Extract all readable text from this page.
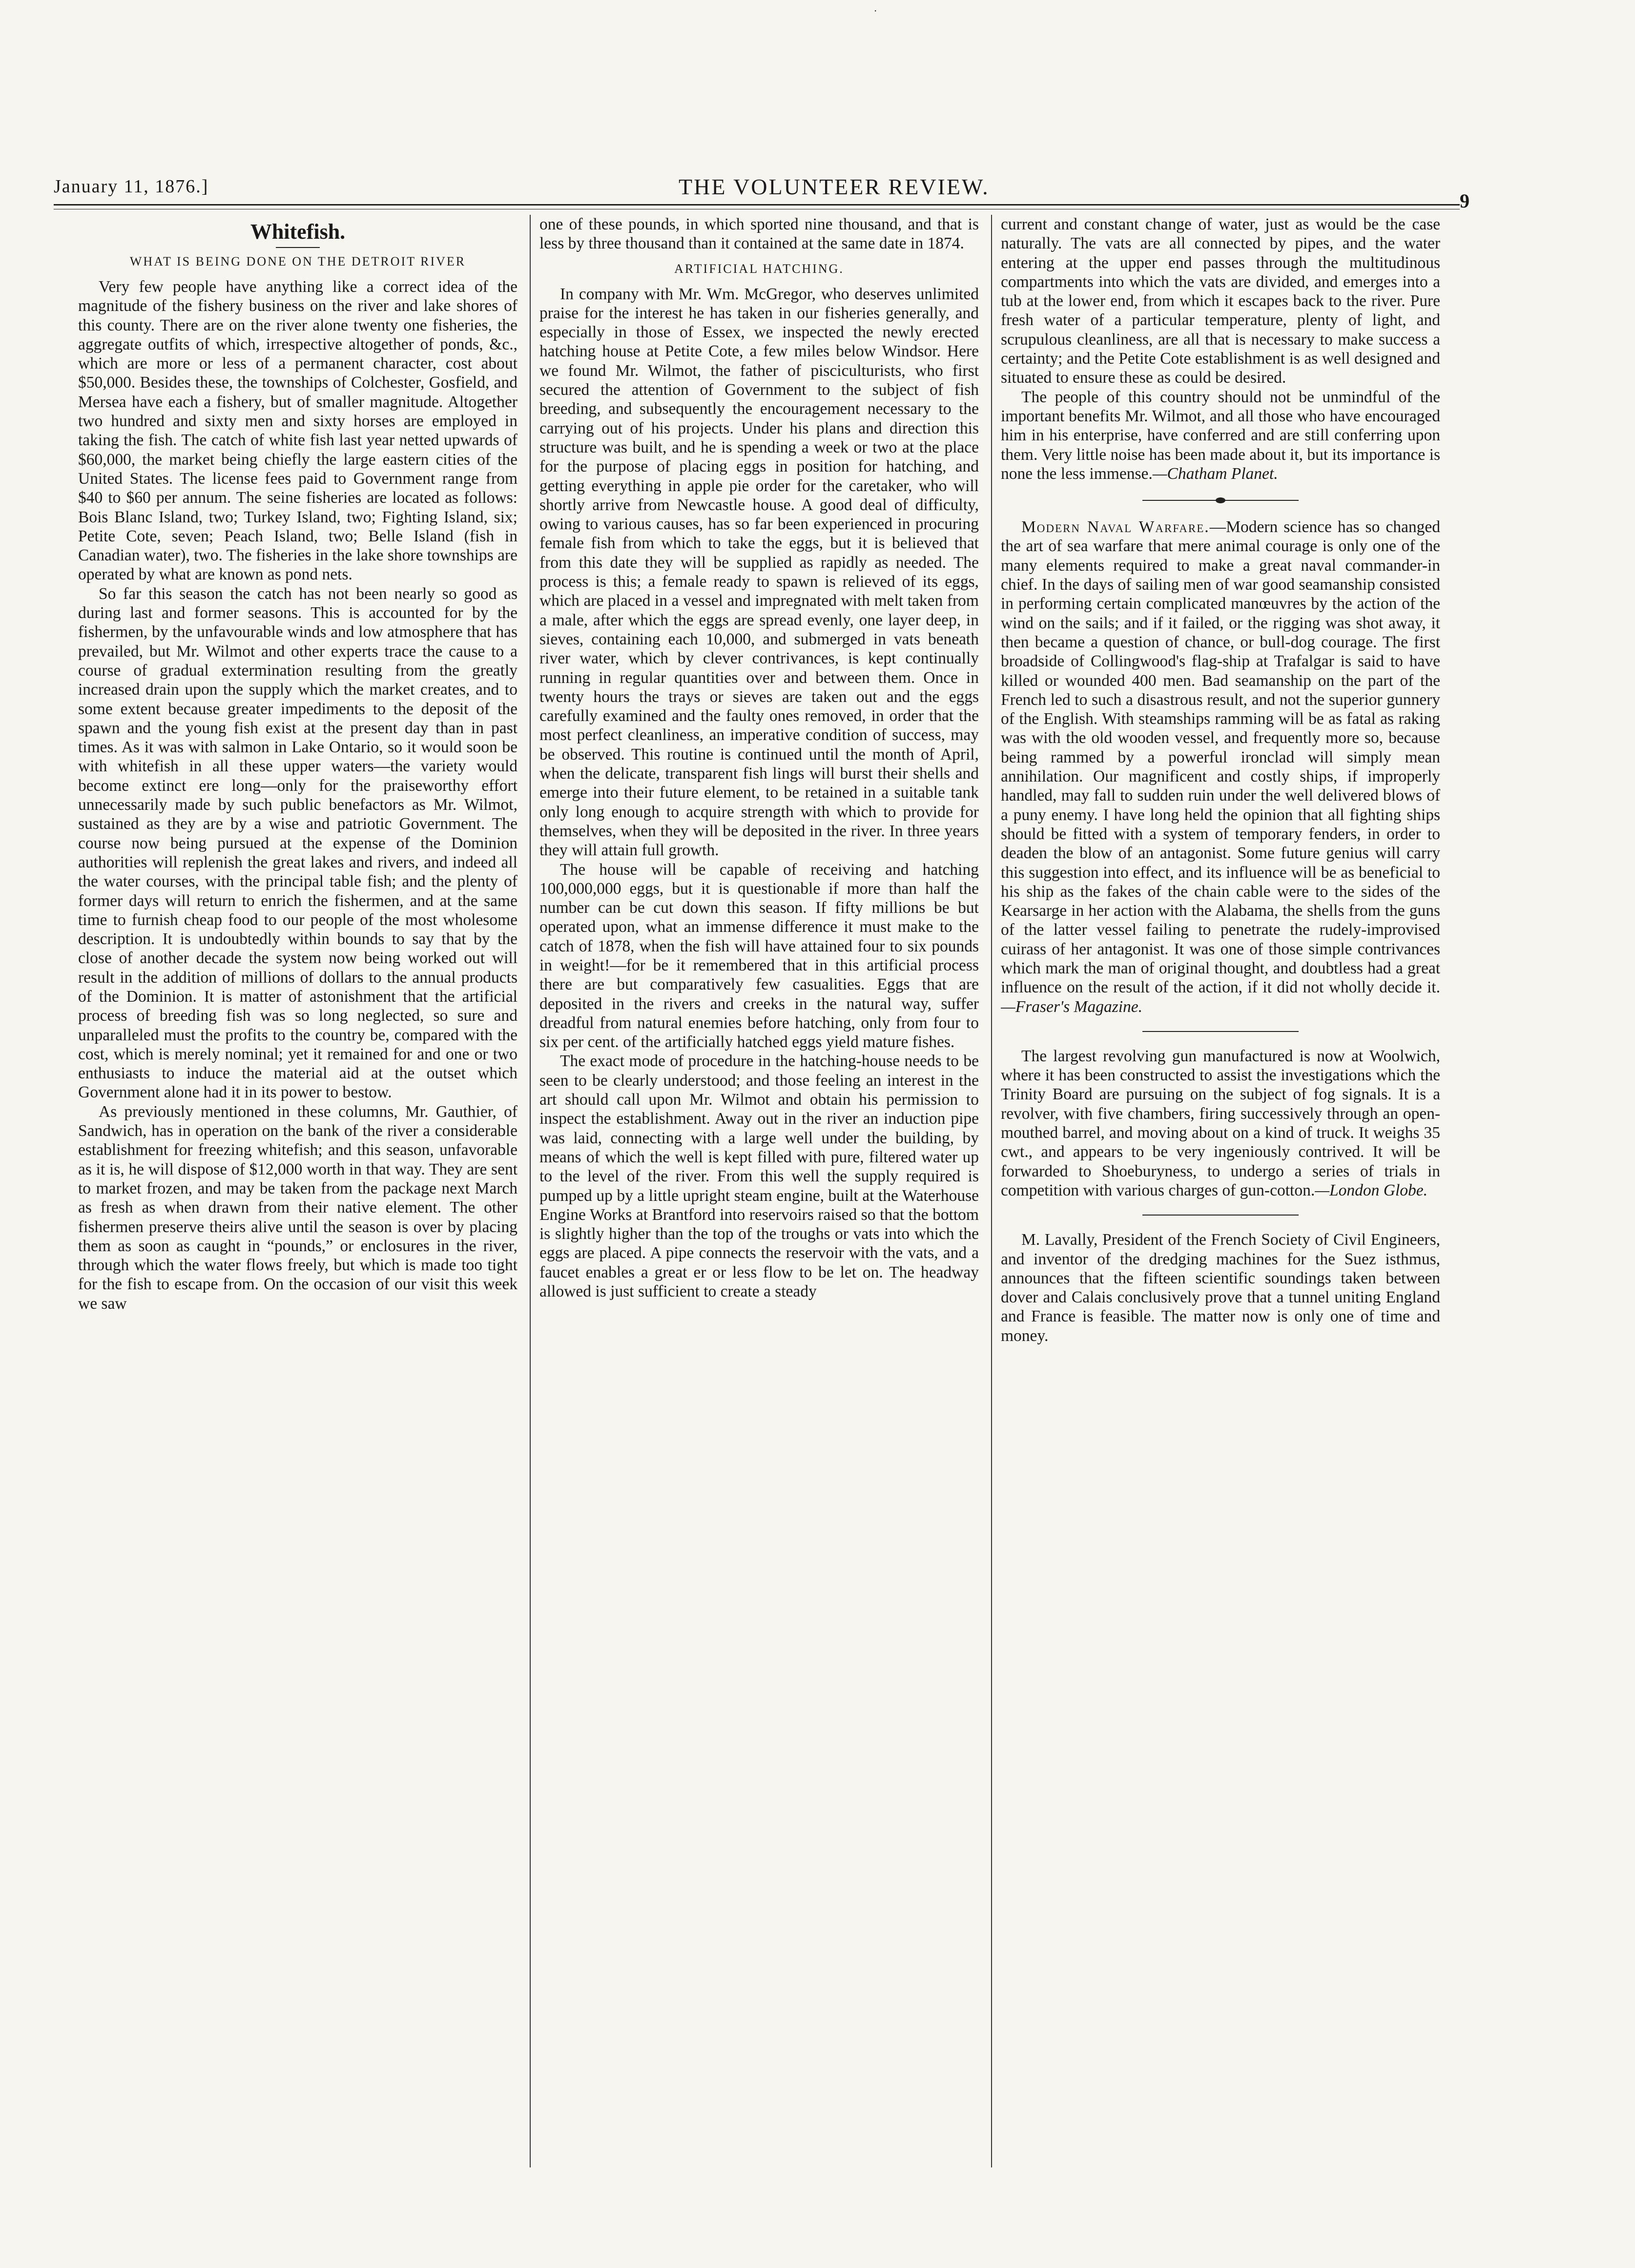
·
January 11, 1876.]	THE VOLUNTEER REVIEW.
9
Whitefish.
WHAT IS BEING DONE ON THE DETROIT RIVER

Very few people have anything like a correct idea of the magnitude of the fishery business on the river and lake shores of this county. There are on the river alone twenty one fisheries, the aggregate outfits of which, irrespective altogether of ponds, &c., which are more or less of a permanent character, cost about $50,000. Besides these, the townships of Colchester, Gosfield, and Mersea have each a fishery, but of smaller magnitude. Altogether two hundred and sixty men and sixty horses are employed in taking the fish. The catch of white fish last year netted upwards of $60,000, the market being chiefly the large eastern cities of the United States. The license fees paid to Government range from $40 to $60 per annum. The seine fisheries are located as follows: Bois Blanc Island, two; Turkey Island, two; Fighting Island, six; Petite Cote, seven; Peach Island, two; Belle Island (fish in Canadian water), two. The fisheries in the lake shore townships are operated by what are known as pond nets.

So far this season the catch has not been nearly so good as during last and former seasons. This is accounted for by the fishermen, by the unfavourable winds and low atmosphere that has prevailed, but Mr. Wilmot and other experts trace the cause to a course of gradual extermination resulting from the greatly increased drain upon the supply which the market creates, and to some extent because greater impediments to the deposit of the spawn and the young fish exist at the present day than in past times. As it was with salmon in Lake Ontario, so it would soon be with whitefish in all these upper waters—the variety would become extinct ere long—only for the praiseworthy effort unnecessarily made by such public benefactors as Mr. Wilmot, sustained as they are by a wise and patriotic Government. The course now being pursued at the expense of the Dominion authorities will replenish the great lakes and rivers, and indeed all the water courses, with the principal table fish; and the plenty of former days will return to enrich the fishermen, and at the same time to furnish cheap food to our people of the most wholesome description. It is undoubtedly within bounds to say that by the close of another decade the system now being worked out will result in the addition of millions of dollars to the annual products of the Dominion. It is matter of astonishment that the artificial process of breeding fish was so long neglected, so sure and unparalleled must the profits to the country be, compared with the cost, which is merely nominal; yet it remained for and one or two enthusiasts to induce the material aid at the outset which Government alone had it in its power to bestow.

As previously mentioned in these columns, Mr. Gauthier, of Sandwich, has in operation on the bank of the river a considerable establishment for freezing whitefish; and this season, unfavorable as it is, he will dispose of $12,000 worth in that way. They are sent to market frozen, and may be taken from the package next March as fresh as when drawn from their native element. The other fishermen preserve theirs alive until the season is over by placing them as soon as caught in “pounds,” or enclosures in the river, through which the water flows freely, but which is made too tight for the fish to escape from. On the occasion of our visit this week we saw

one of these pounds, in which sported nine thousand, and that is less by three thousand than it contained at the same date in 1874.

ARTIFICIAL HATCHING.

In company with Mr. Wm. McGregor, who deserves unlimited praise for the interest he has taken in our fisheries generally, and especially in those of Essex, we inspected the newly erected hatching house at Petite Cote, a few miles below Windsor. Here we found Mr. Wilmot, the father of pisciculturists, who first secured the attention of Government to the subject of fish breeding, and subsequently the encouragement necessary to the carrying out of his projects. Under his plans and direction this structure was built, and he is spending a week or two at the place for the purpose of placing eggs in position for hatching, and getting everything in apple pie order for the caretaker, who will shortly arrive from Newcastle house. A good deal of difficulty, owing to various causes, has so far been experienced in procuring female fish from which to take the eggs, but it is believed that from this date they will be supplied as rapidly as needed. The process is this; a female ready to spawn is relieved of its eggs, which are placed in a vessel and impregnated with melt taken from a male, after which the eggs are spread evenly, one layer deep, in sieves, containing each 10,000, and submerged in vats beneath river water, which by clever contrivances, is kept continually running in regular quantities over and between them. Once in twenty hours the trays or sieves are taken out and the eggs carefully examined and the faulty ones removed, in order that the most perfect cleanliness, an imperative condition of success, may be observed. This routine is continued until the month of April, when the delicate, transparent fish lings will burst their shells and emerge into their future element, to be retained in a suitable tank only long enough to acquire strength with which to provide for themselves, when they will be deposited in the river. In three years they will attain full growth.

The house will be capable of receiving and hatching 100,000,000 eggs, but it is questionable if more than half the number can be cut down this season. If fifty millions be but operated upon, what an immense difference it must make to the catch of 1878, when the fish will have attained four to six pounds in weight!—for be it remembered that in this artificial process there are but comparatively few casualities. Eggs that are deposited in the rivers and creeks in the natural way, suffer dreadful from natural enemies before hatching, only from four to six per cent. of the artificially hatched eggs yield mature fishes.

The exact mode of procedure in the hatching-house needs to be seen to be clearly understood; and those feeling an interest in the art should call upon Mr. Wilmot and obtain his permission to inspect the establishment. Away out in the river an induction pipe was laid, connecting with a large well under the building, by means of which the well is kept filled with pure, filtered water up to the level of the river. From this well the supply required is pumped up by a little upright steam engine, built at the Waterhouse Engine Works at Brantford into reservoirs raised so that the bottom is slightly higher than the top of the troughs or vats into which the eggs are placed. A pipe connects the reservoir with the vats, and a faucet enables a great er or less flow to be let on. The headway allowed is just sufficient to create a steady

current and constant change of water, just as would be the case naturally. The vats are all connected by pipes, and the water entering at the upper end passes through the multitudinous compartments into which the vats are divided, and emerges into a tub at the lower end, from which it escapes back to the river. Pure fresh water of a particular temperature, plenty of light, and scrupulous cleanliness, are all that is necessary to make success a certainty; and the Petite Cote establishment is as well designed and situated to ensure these as could be desired.

The people of this country should not be unmindful of the important benefits Mr. Wilmot, and all those who have encouraged him in his enterprise, have conferred and are still conferring upon them. Very little noise has been made about it, but its importance is none the less immense.—Chatham Planet.

Modern Naval Warfare.—Modern science has so changed the art of sea warfare that mere animal courage is only one of the many elements required to make a great naval commander-in chief. In the days of sailing men of war good seamanship consisted in performing certain complicated manœuvres by the action of the wind on the sails; and if it failed, or the rigging was shot away, it then became a question of chance, or bull-dog courage. The first broadside of Collingwood's flag-ship at Trafalgar is said to have killed or wounded 400 men. Bad seamanship on the part of the French led to such a disastrous result, and not the superior gunnery of the English. With steamships ramming will be as fatal as raking was with the old wooden vessel, and frequently more so, because being rammed by a powerful ironclad will simply mean annihilation. Our magnificent and costly ships, if improperly handled, may fall to sudden ruin under the well delivered blows of a puny enemy. I have long held the opinion that all fighting ships should be fitted with a system of temporary fenders, in order to deaden the blow of an antagonist. Some future genius will carry this suggestion into effect, and its influence will be as beneficial to his ship as the fakes of the chain cable were to the sides of the Kearsarge in her action with the Alabama, the shells from the guns of the latter vessel failing to penetrate the rudely-improvised cuirass of her antagonist. It was one of those simple contrivances which mark the man of original thought, and doubtless had a great influence on the result of the action, if it did not wholly decide it.—Fraser's Magazine.

The largest revolving gun manufactured is now at Woolwich, where it has been constructed to assist the investigations which the Trinity Board are pursuing on the subject of fog signals. It is a revolver, with five chambers, firing successively through an open-mouthed barrel, and moving about on a kind of truck. It weighs 35 cwt., and appears to be very ingeniously contrived. It will be forwarded to Shoeburyness, to undergo a series of trials in competition with various charges of gun-cotton.—London Globe.

M. Lavally, President of the French Society of Civil Engineers, and inventor of the dredging machines for the Suez isthmus, announces that the fifteen scientific soundings taken between dover and Calais conclusively prove that a tunnel uniting England and France is feasible. The matter now is only one of time and money.
